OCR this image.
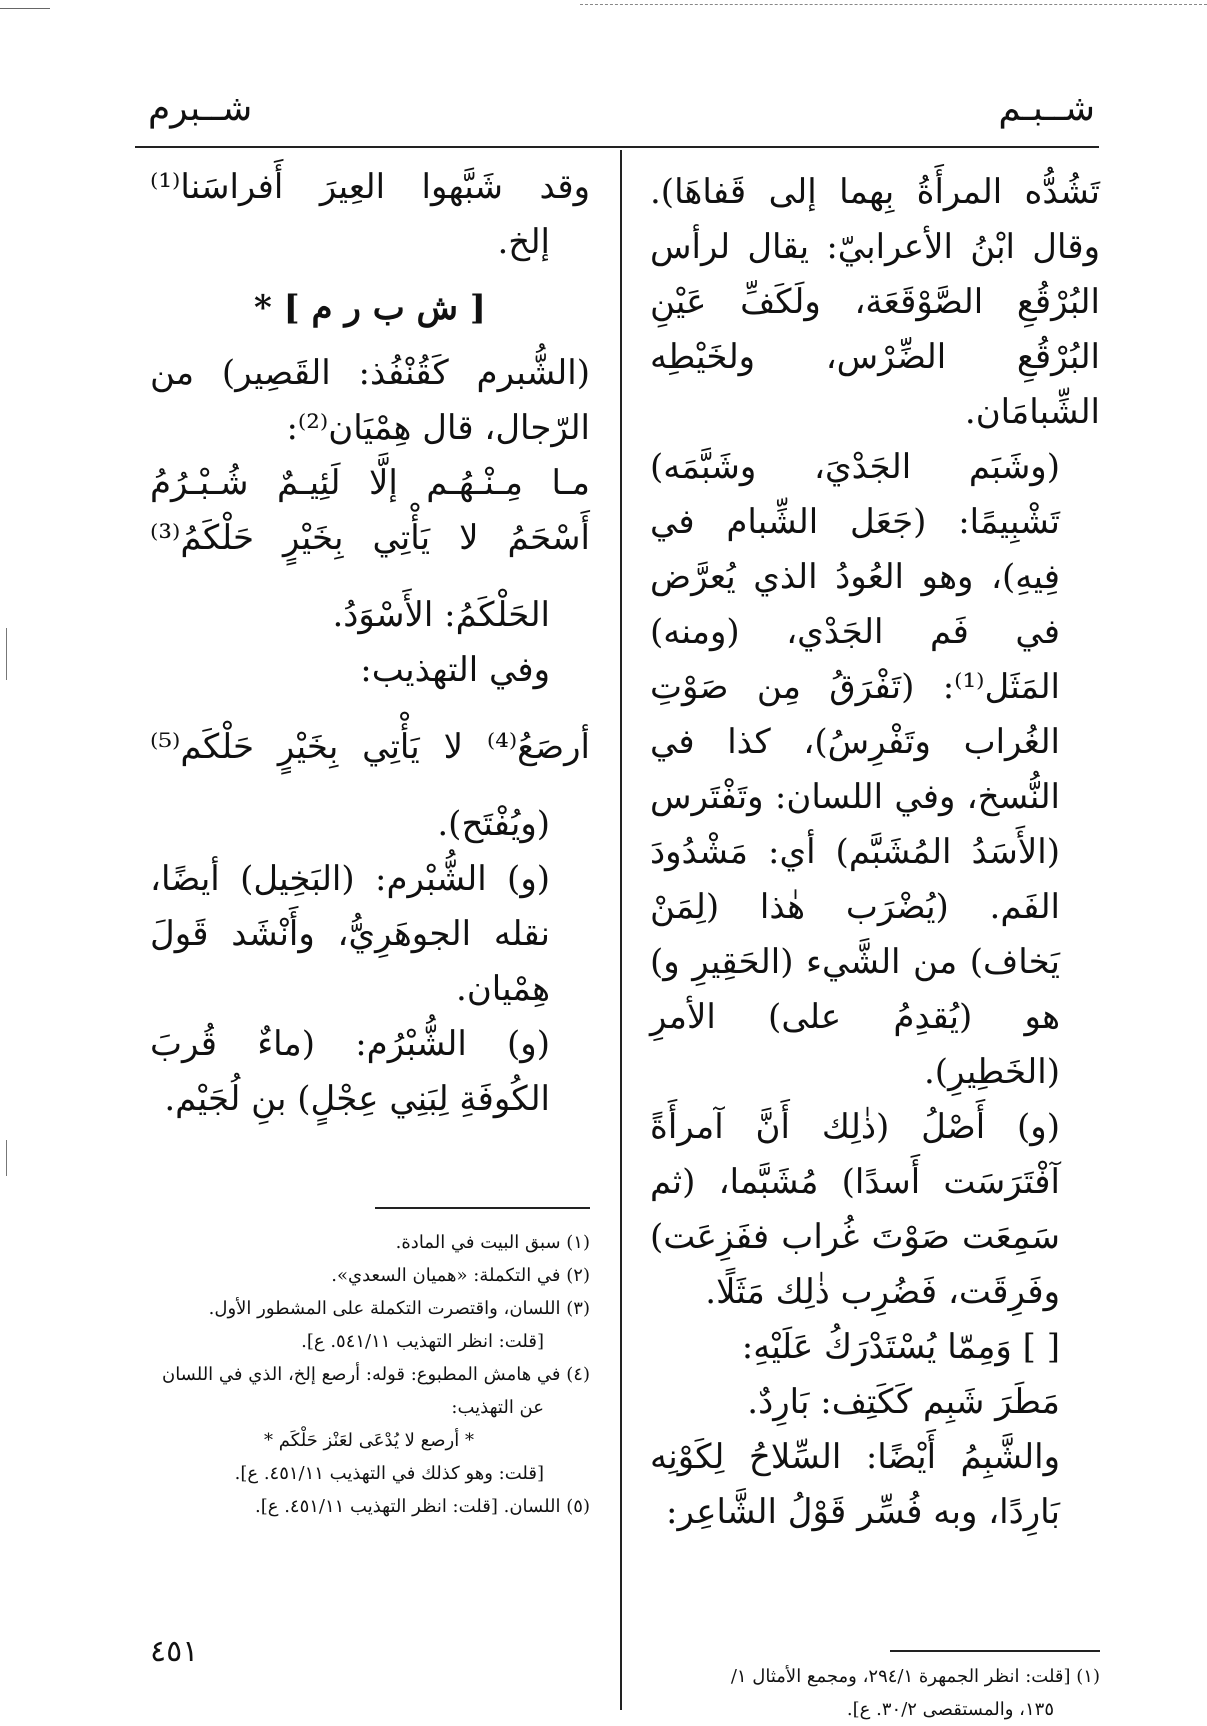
شــبـم
شــبرم

تَشُدُّه المرأَةُ بِهما إلى قَفاهَا). وقال ابْنُ الأعرابيّ: يقال لرأس البُرْقُعِ الصَّوْقَعَة، ولَكَفِّ عَيْنِ البُرْقُعِ الضِّرْس، ولخَيْطِه الشِّبامَان.

(وشَبَم الجَدْيَ، وشَبَّمَه) تَشْبِيمًا: (جَعَل الشِّبام في فِيهِ)، وهو العُودُ الذي يُعرَّض في فَم الجَدْي، (ومنه) المَثَل⁽¹⁾: (تَفْرَقُ مِن صَوْتِ الغُراب وتَفْرِسُ)، كذا في النُّسخ، وفي اللسان: وتَفْتَرس (الأَسَدُ المُشَبَّم) أي: مَشْدُودَ الفَم. (يُضْرَب هٰذا (لِمَنْ يَخاف) من الشَّيء (الحَقِيرِ و) هو (يُقدِمُ على) الأمرِ (الخَطِيرِ).

(و) أَصْلُ (ذٰلِك أَنَّ آمرأَةً آفْتَرَسَت أَسدًا) مُشَبَّما، (ثم سَمِعَت صَوْتَ غُراب ففَزِعَت) وفَرِقَت، فَضُرِب ذٰلِك مَثَلًا.

[ ] وَمِمّا يُسْتَدْرَكُ عَلَيْهِ:

مَطَرَ شَبِم كَكَتِف: بَارِدٌ.

والشَّبِمُ أَيْضًا: السِّلاحُ لِكَوْنِه بَارِدًا، وبه فُسِّر قَوْلُ الشَّاعِر:

وقد شَبَّهوا العِيرَ أَفراسَنا⁽¹⁾

إلخ.

[ ش ب ر م ] *

(الشُّبرم كَقُنْفُذ: القَصِير) من الرّجال، قال هِمْيَان⁽²⁾:

مـا مِـنْـهُـم إلَّا لَئِيـمٌ شُـبْـرُمُ

أَسْحَمُ لا يَأْتِي بِخَيْرٍ حَلْكَمُ⁽³⁾

الحَلْكَمُ: الأَسْوَدُ.

وفي التهذيب:

أرصَعُ⁽⁴⁾ لا يَأْتِي بِخَيْرٍ حَلْكَم⁽⁵⁾

(ويُفْتَح).

(و) الشُّبْرم: (البَخِيل) أيضًا، نقله الجوهَرِيُّ، وأَنْشَد قَولَ هِمْيان.

(و) الشُّبْرُم: (ماءٌ قُربَ الكُوفَةِ لِبَنِي عِجْلٍ) بنِ لُجَيْم.

(١) سبق البيت في المادة.

(٢) في التكملة: «هميان السعدي».

(٣) اللسان، واقتصرت التكملة على المشطور الأول.

[قلت: انظر التهذيب ٥٤١/١١. ع].

(٤) في هامش المطبوع: قوله: أرصع إلخ، الذي في اللسان

عن التهذيب:

* أرصع لا يُدْعَى لعَنْز حَلْكَم *

[قلت: وهو كذلك في التهذيب ٤٥١/١١. ع].

(٥) اللسان. [قلت: انظر التهذيب ٤٥١/١١. ع].

(١) [قلت: انظر الجمهرة ٢٩٤/١، ومجمع الأمثال ١/

١٣٥، والمستقصى ٣٠/٢. ع].

٤٥١
